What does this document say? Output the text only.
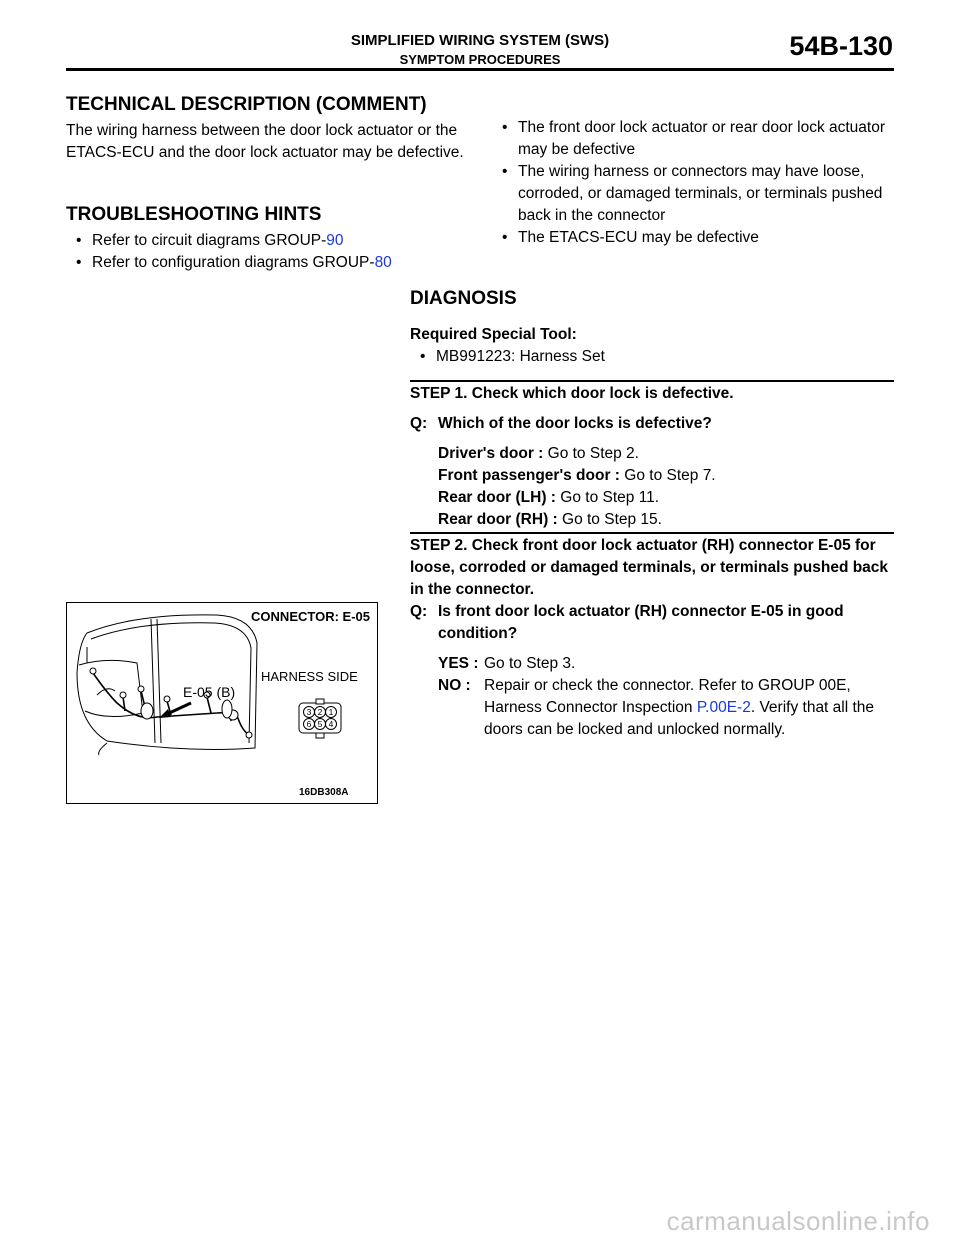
SIMPLIFIED WIRING SYSTEM (SWS)
SYMPTOM PROCEDURES	54B-130
TECHNICAL DESCRIPTION (COMMENT)

The wiring harness between the door lock actuator or the ETACS-ECU and the door lock actuator may be defective.

TROUBLESHOOTING HINTS
• Refer to circuit diagrams GROUP-90
• Refer to configuration diagrams GROUP-80
• The front door lock actuator or rear door lock actuator may be defective
• The wiring harness or connectors may have loose, corroded, or damaged terminals, or terminals pushed back in the connector
• The ETACS-ECU may be defective
DIAGNOSIS
Required Special Tool:
• MB991223: Harness Set
STEP 1. Check which door lock is defective.
Q: Which of the door locks is defective?
Driver's door : Go to Step 2.
Front passenger's door : Go to Step 7.
Rear door (LH) : Go to Step 11.
Rear door (RH) : Go to Step 15.
STEP 2. Check front door lock actuator (RH) connector E-05 for loose, corroded or damaged terminals, or terminals pushed back in the connector.
Q: Is front door lock actuator (RH) connector E-05 in good condition?
YES : Go to Step 3.
NO : Repair or check the connector. Refer to GROUP 00E, Harness Connector Inspection P.00E-2. Verify that all the doors can be locked and unlocked normally.
CONNECTOR: E-05
HARNESS SIDE
16DB308A
E-05 (B)
3 2 1
6 5 4
carmanualsonline.info
